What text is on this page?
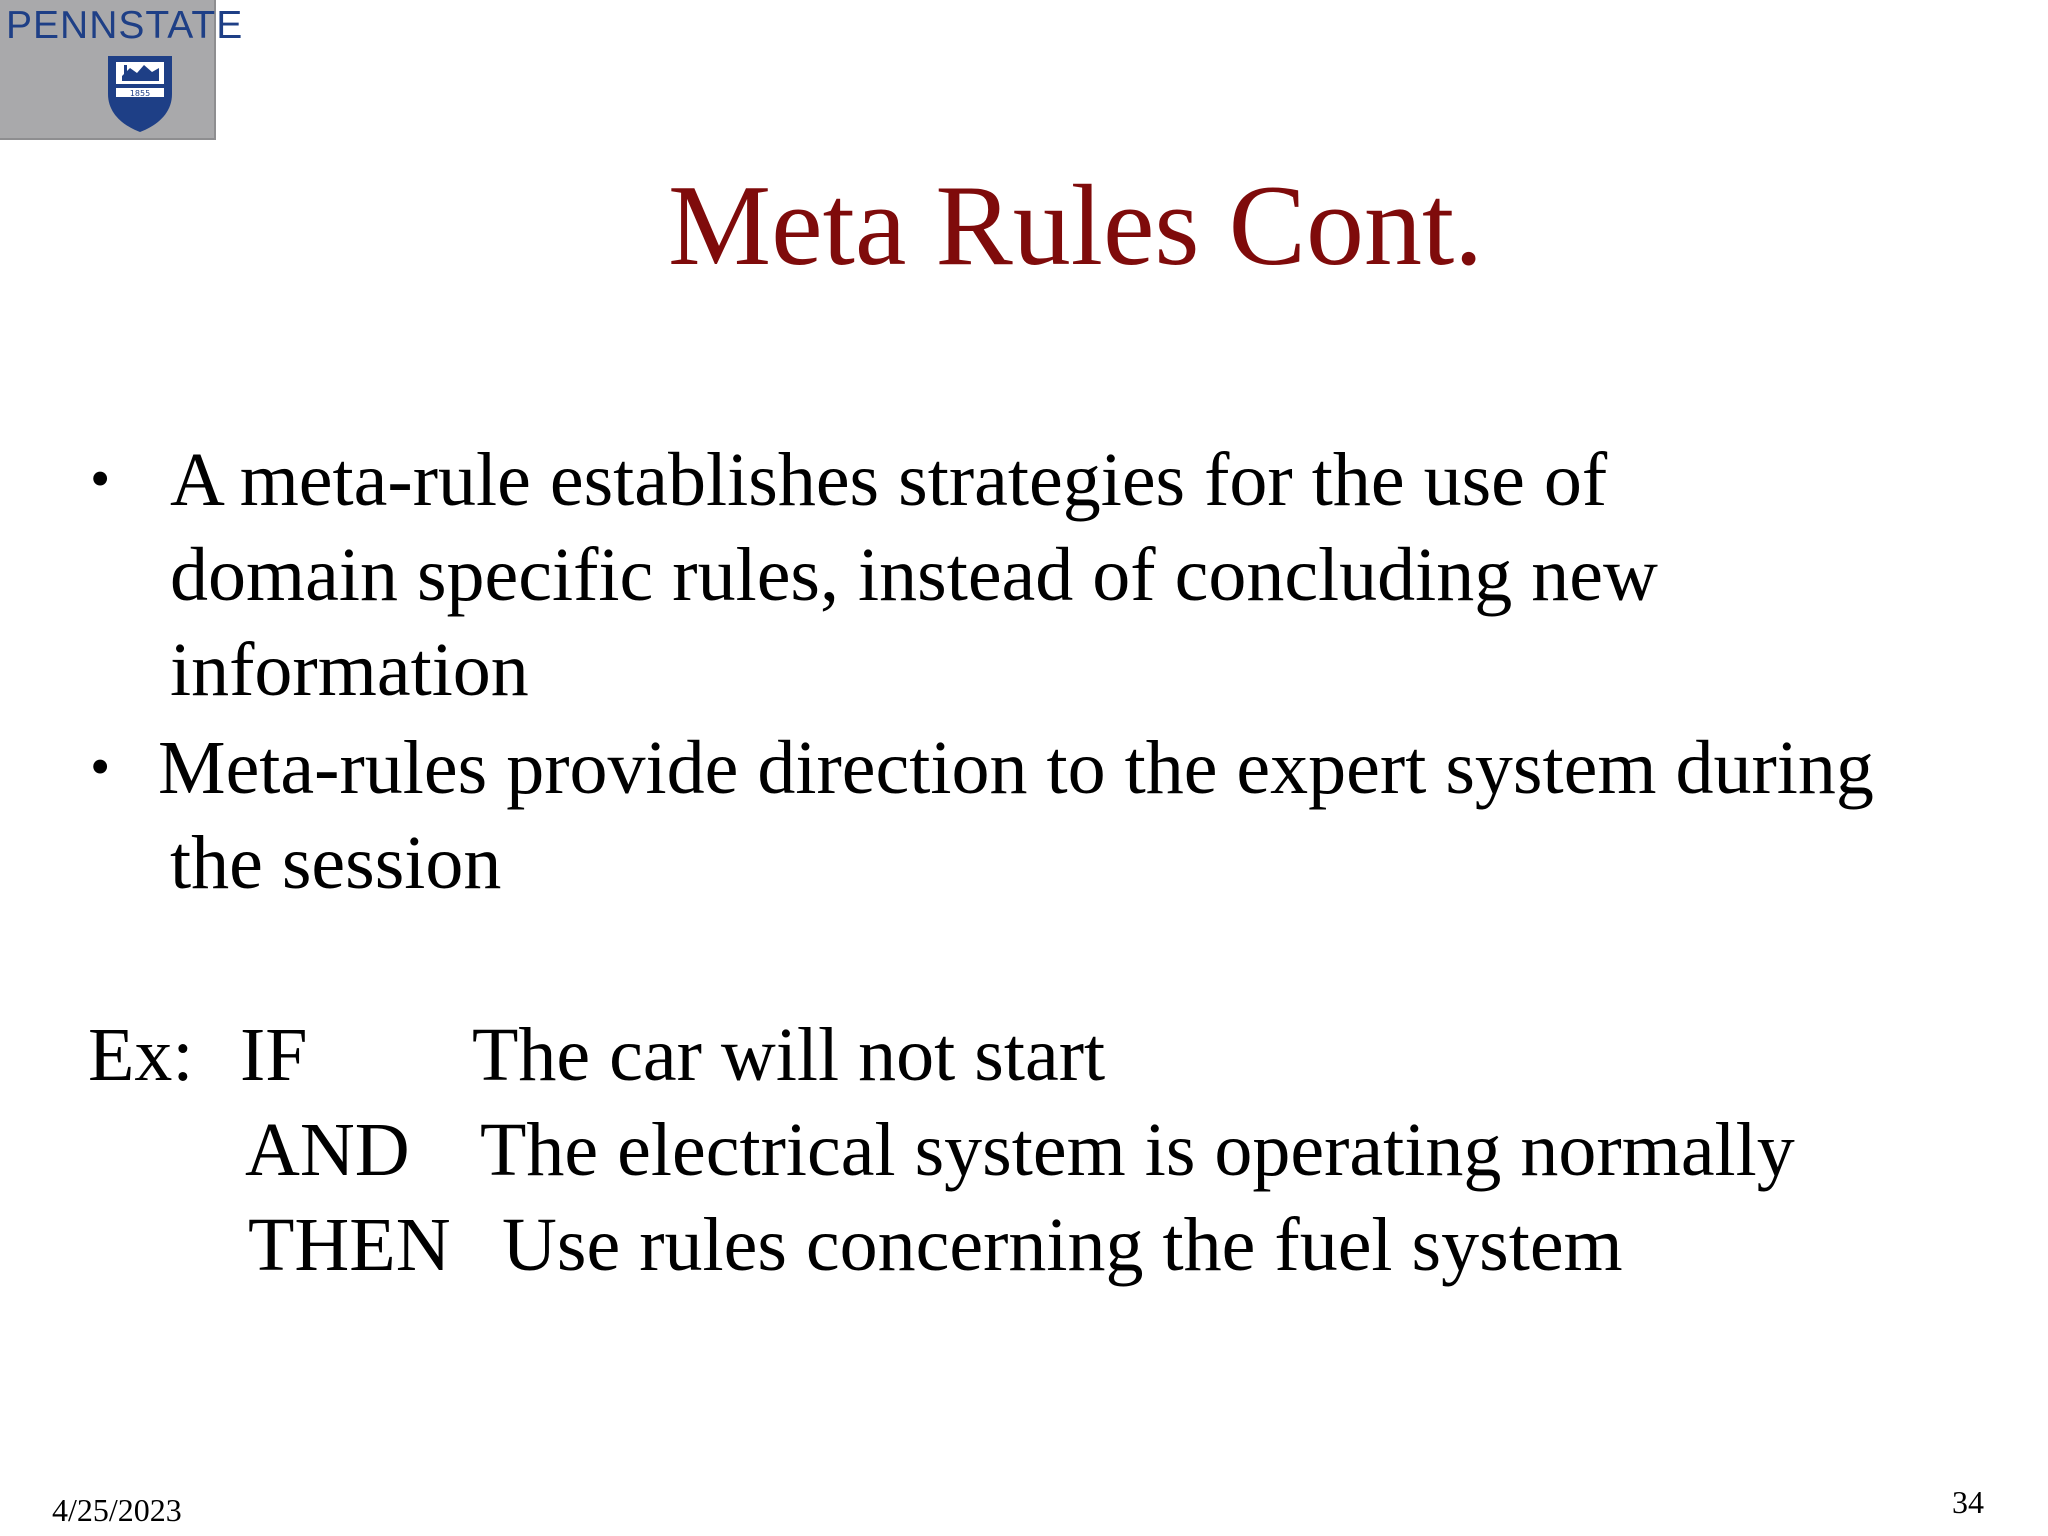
PENNSTATE
1855
Meta Rules Cont.
• A meta-rule establishes strategies for the use of
domain specific rules, instead of concluding new
information
• Meta-rules provide direction to the expert system during
the session
Ex: IF The car will not start
AND The electrical system is operating normally
THEN Use rules concerning the fuel system
4/25/2023	34
